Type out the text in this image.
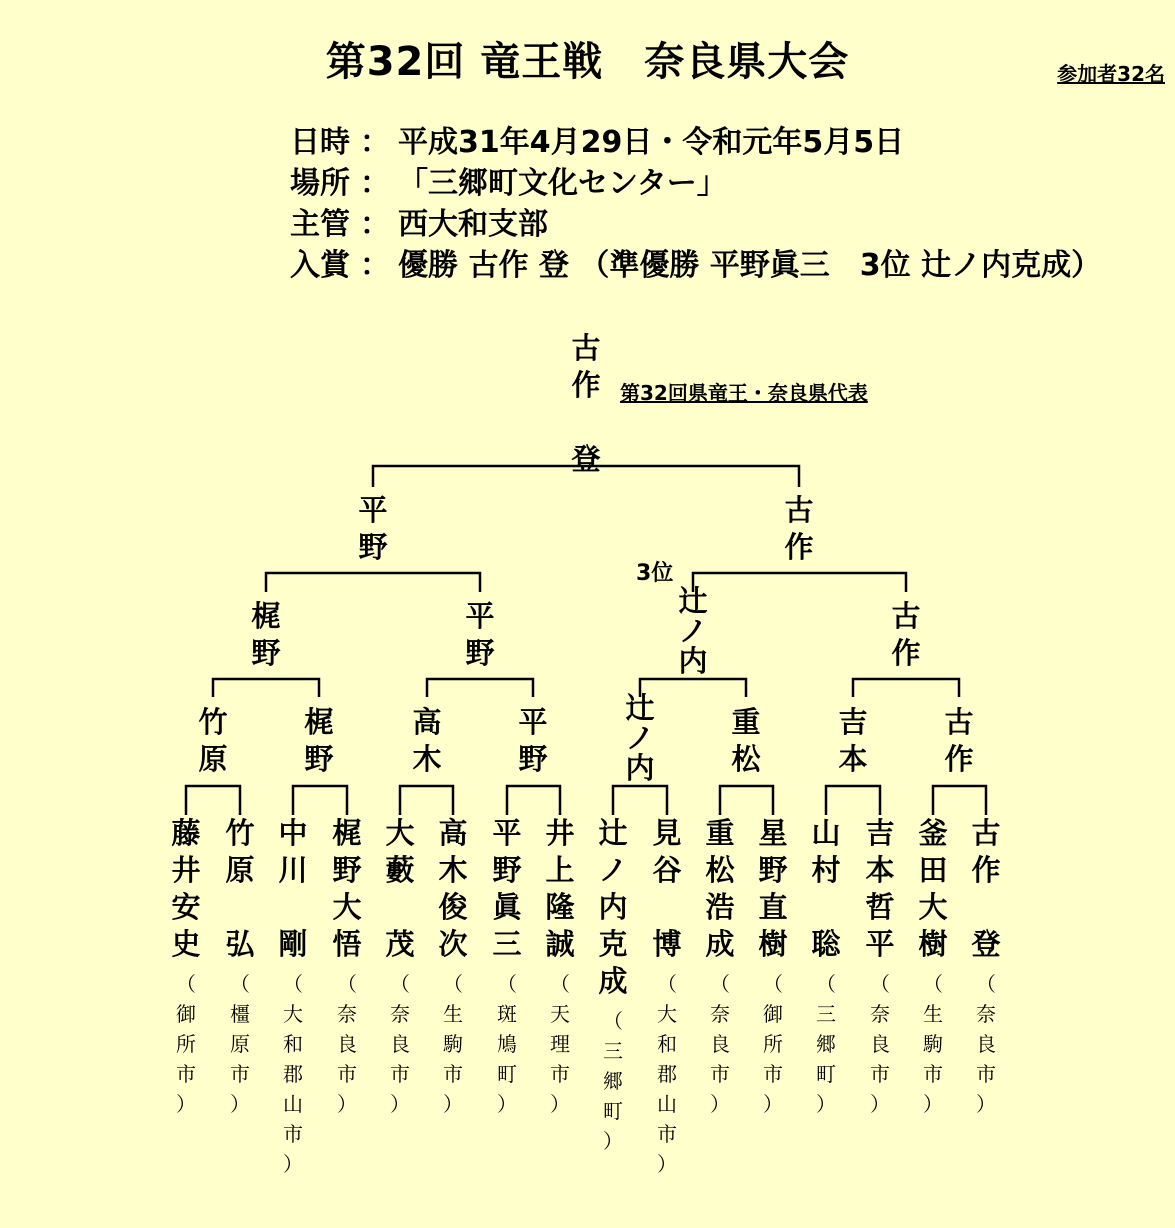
第32回 竜王戦　奈良県大会	参加者32名
日時 ： 平成31年4月29日・令和元年5月5日
場所 ： 「三郷町文化センター」
主管 ： 西大和支部
入賞 ： 優勝 古作 登 （準優勝 平野眞三　3位 辻ノ内克成）
古
作

登
第32回県竜王・奈良県代表
3位
平
野
古
作
梶
野
平
野
辻
ノ
内
古
作
竹
原
梶
野
高
木
平
野
辻
ノ
内
重
松
吉
本
古
作
藤
井
安
史
（
御
所
市
）
竹
原

弘
（
橿
原
市
）
中
川

剛
（
大
和
郡
山
市
）
梶
野
大
悟
（
奈
良
市
）
大
藪

茂
（
奈
良
市
）
高
木
俊
次
（
生
駒
市
）
平
野
眞
三
（
斑
鳩
町
）
井
上
隆
誠
（
天
理
市
）
辻
ノ
内
克
成
（
三
郷
町
）
見
谷

博
（
大
和
郡
山
市
）
重
松
浩
成
（
奈
良
市
）
星
野
直
樹
（
御
所
市
）
山
村

聡
（
三
郷
町
）
吉
本
哲
平
（
奈
良
市
）
釜
田
大
樹
（
生
駒
市
）
古
作

登
（
奈
良
市
）
